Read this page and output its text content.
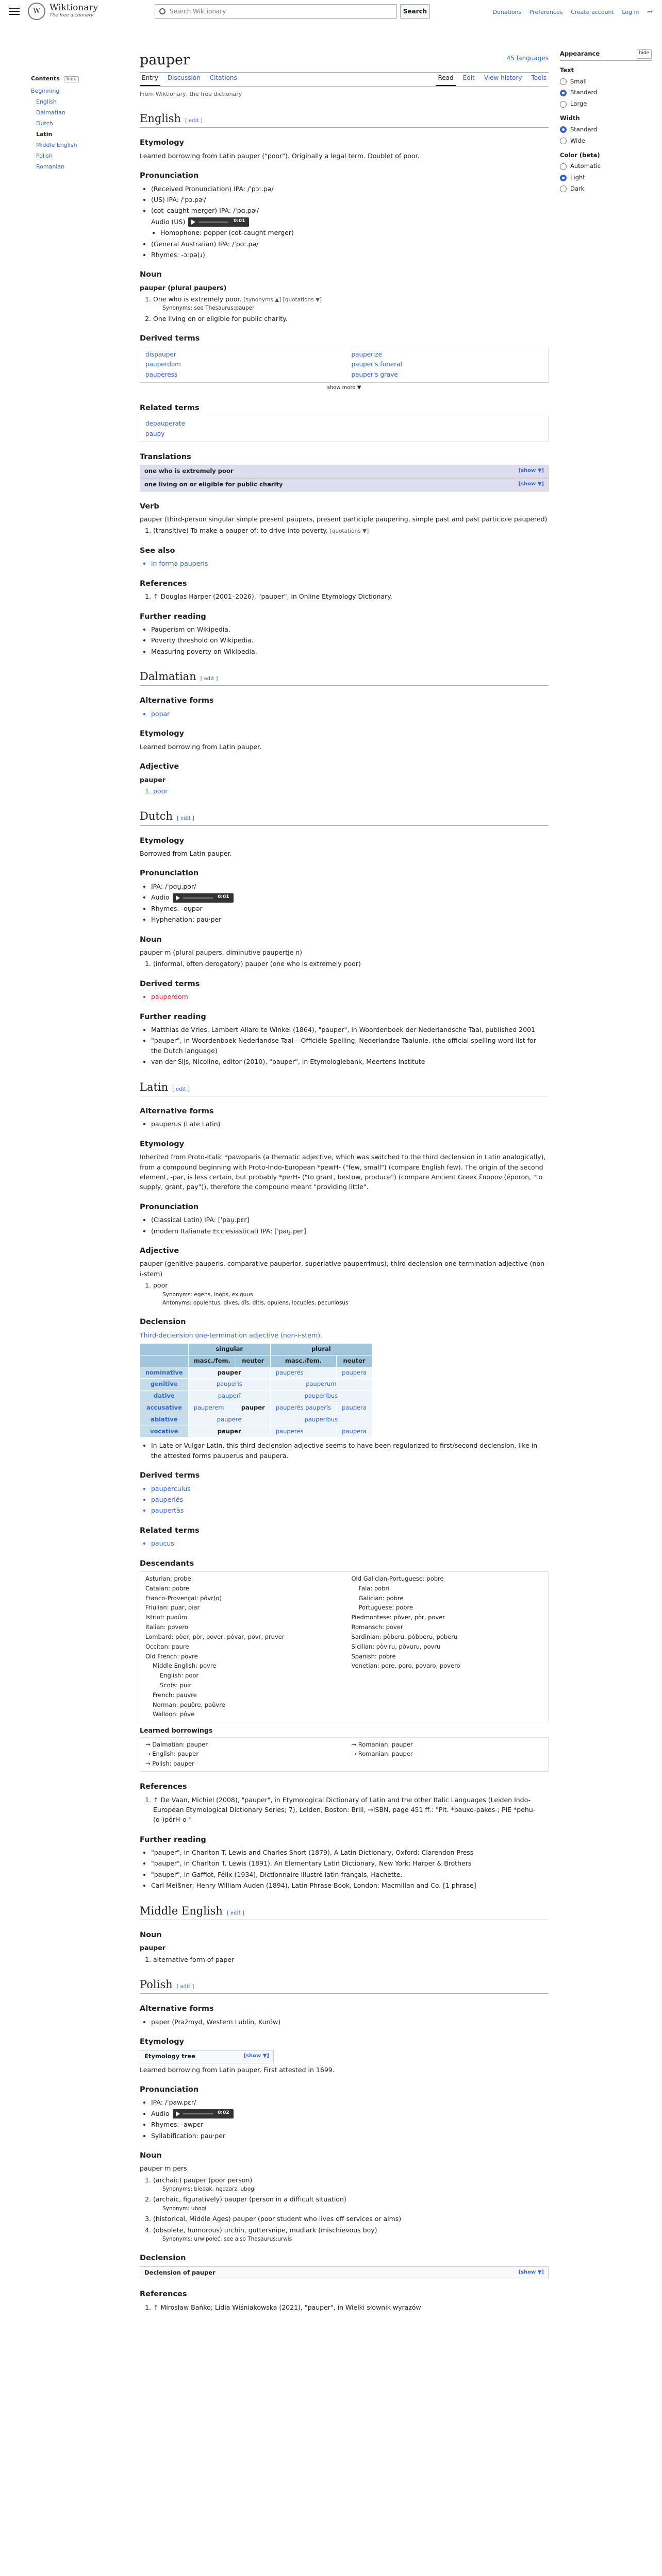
W	Wiktionary
The free dictionary
Search Wiktionary	Search	Donations Preferences Create account Log in ⋯
Contents hide
Beginning
English
Dalmatian
Dutch
Latin
Middle English
Polish
Romanian
Appearance	hide
Text
Small
Standard
Large
Width
Standard
Wide
Color (beta)
Automatic
Light
Dark
pauper	45 languages
Entry	Discussion	Citations	Read	Edit	View history	Tools
From Wiktionary, the free dictionary
English [ edit ]
Etymology

Learned borrowing from Latin pauper ("poor"). Originally a legal term. Doublet of poor.

Pronunciation
• (Received Pronunciation) IPA: /ˈpɔː.pə/
• (US) IPA: /ˈpɔ.pɚ/
• (cot–caught merger) IPA: /ˈpɑ.pɚ/
Audio (US)	0:01
• Homophone: popper (cot-caught merger)
• (General Australian) IPA: /ˈpoː.pə/
• Rhymes: -ɔːpə(ɹ)
Noun

pauper (plural paupers)

1. One who is extremely poor. [synonyms ▲] [quotations ▼]
Synonyms: see Thesaurus:pauper
2. One living on or eligible for public charity.
Derived terms

dispauper

pauperdom

pauperess

pauperize

pauper's funeral

pauper's grave

show more ▼
Related terms

depauperate

paupy

Translations
one who is extremely poor	[show ▼]
one living on or eligible for public charity	[show ▼]
Verb

pauper (third-person singular simple present paupers, present participle paupering, simple past and past participle paupered)

1. (transitive) To make a pauper of; to drive into poverty. [quotations ▼]
See also
• in forma pauperis
References
1. ↑ Douglas Harper (2001–2026), "pauper", in Online Etymology Dictionary.
Further reading
• Pauperism on Wikipedia.
• Poverty threshold on Wikipedia.
• Measuring poverty on Wikipedia.
Dalmatian [ edit ]
Alternative forms
• popar
Etymology

Learned borrowing from Latin pauper.

Adjective

pauper

1. poor
Dutch [ edit ]
Etymology

Borrowed from Latin pauper.

Pronunciation
• IPA: /ˈpɑu̯.pər/
• Audio	0:01
• Rhymes: -ɑu̯pər
• Hyphenation: pau‧per
Noun

pauper m (plural paupers, diminutive paupertje n)

1. (informal, often derogatory) pauper (one who is extremely poor)
Derived terms
• pauperdom
Further reading
• Matthias de Vries, Lambert Allard te Winkel (1864), "pauper", in Woordenboek der Nederlandsche Taal, published 2001
• "pauper", in Woordenboek Nederlandse Taal – Officiële Spelling, Nederlandse Taalunie. (the official spelling word list for the Dutch language)
• van der Sijs, Nicoline, editor (2010), "pauper", in Etymologiebank, Meertens Institute
Latin [ edit ]
Alternative forms
• pauperus (Late Latin)
Etymology

Inherited from Proto-Italic *pawoparis (a thematic adjective, which was switched to the third declension in Latin analogically), from a compound beginning with Proto-Indo-European *pewH- ("few, small") (compare English few). The origin of the second element, -par, is less certain, but probably *perH- ("to grant, bestow, produce") (compare Ancient Greek ἔπορον (époron, "to supply, grant, pay")), therefore the compound meant "providing little".

Pronunciation
• (Classical Latin) IPA: [ˈpau̯.pɛr]
• (modern Italianate Ecclesiastical) IPA: [ˈpau̯.per]
Adjective

pauper (genitive pauperis, comparative pauperior, superlative pauperrimus); third declension one-termination adjective (non-i-stem)

1. poor
Synonyms: egens, inops, exiguus
Antonyms: opulentus, dives, dīs, ditis, opulens, locuples, pecuniosus
Declension

Third-declension one-termination adjective (non-i-stem).

	singular		plural	
	masc./fem.	neuter	masc./fem.	neuter
nominative	pauper		pauperēs	paupera
genitive	pauperis		pauperum	
dative	pauperī		pauperibus	
accusative	pauperem	pauper	pauperēs pauperīs	paupera
ablative	pauperē		pauperibus	
vocative	pauper		pauperēs	paupera
• In Late or Vulgar Latin, this third declension adjective seems to have been regularized to first/second declension, like in the attested forms pauperus and paupera.
Derived terms
• pauperculus
• pauperiēs
• paupertās
Related terms
• paucus
Descendants

Asturian: probe

Catalan: pobre

Franco-Provençal: pôvr(o)

Friulian: puar, piar

Istriot: puoûro

Italian: povero

Lombard: pòer, pòr, pover, pòvar, povr, pruver

Occitan: paure

Old French: povre

Middle English: povre

English: poor

Scots: puir

French: pauvre

Norman: pouôre, paûvre

Walloon: pôve

Old Galician-Portuguese: pobre

Fala: pobri

Galician: pobre

Portuguese: pobre

Piedmontese: pòver, pòr, pover

Romansch: pover

Sardinian: pòberu, pòbberu, poberu

Sicilian: pòviru, pòvuru, povru

Spanish: pobre

Venetian: pore, poro, povaro, povero

Learned borrowings

→ Dalmatian: pauper

→ English: pauper

→ Polish: pauper

→ Romanian: pauper

→ Romanian: pauper

References
1. ↑ De Vaan, Michiel (2008), "pauper", in Etymological Dictionary of Latin and the other Italic Languages (Leiden Indo-European Etymological Dictionary Series; 7), Leiden, Boston: Brill, →ISBN, page 451 ff.: "Pit. *pauxo-pakes-; PIE *pehu-(o-)pōrH-o-"
Further reading
• "pauper", in Charlton T. Lewis and Charles Short (1879), A Latin Dictionary, Oxford: Clarendon Press
• "pauper", in Charlton T. Lewis (1891), An Elementary Latin Dictionary, New York: Harper & Brothers
• "pauper", in Gaffiot, Félix (1934), Dictionnaire illustré latin-français, Hachette.
• Carl Meißner; Henry William Auden (1894), Latin Phrase-Book, London: Macmillan and Co. [1 phrase]
Middle English [ edit ]
Noun

pauper

1. alternative form of paper
Polish [ edit ]
Alternative forms
• paper (Prażmyd, Western Lublin, Kurów)
Etymology
Etymology tree	[show ▼]

Learned borrowing from Latin pauper. First attested in 1699.

Pronunciation
• IPA: /ˈpaw.pɛr/
• Audio	0:02
• Rhymes: -awpɛr
• Syllabification: pau‧per
Noun

pauper m pers

1. (archaic) pauper (poor person)
Synonyms: biedak, nędzarz, ubogi
2. (archaic, figuratively) pauper (person in a difficult situation)
Synonym: ubogi
3. (historical, Middle Ages) pauper (poor student who lives off services or alms)
4. (obsolete, humorous) urchin, guttersnipe, mudlark (mischievous boy)
Synonyms: urwipołeć, see also Thesaurus:urwis
Declension
Declension of pauper	[show ▼]
References
1. ↑ Mirosław Bańko; Lidia Wiśniakowska (2021), "pauper", in Wielki słownik wyrazów
